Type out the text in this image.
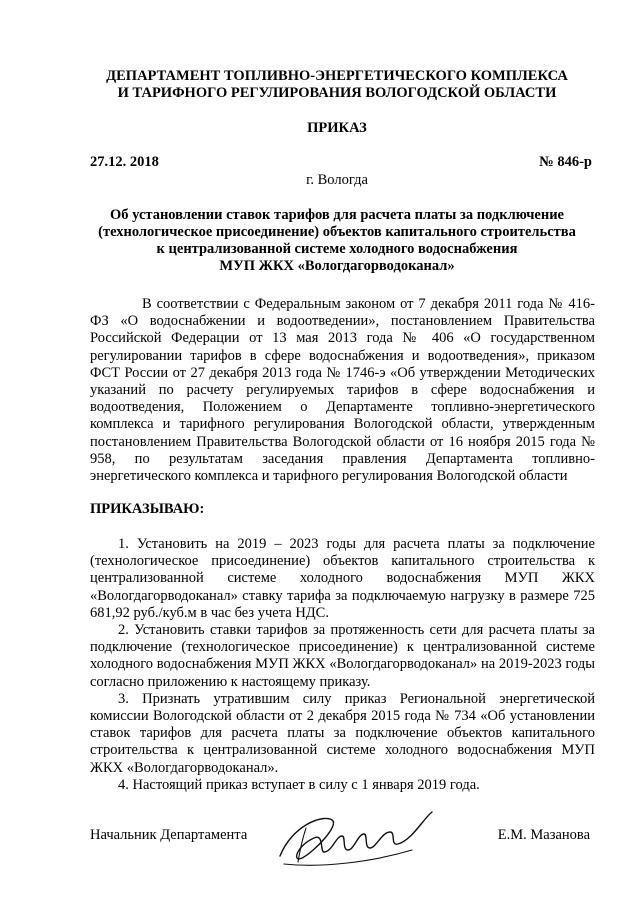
ДЕПАРТАМЕНТ ТОПЛИВНО-ЭНЕРГЕТИЧЕСКОГО КОМПЛЕКСА
И ТАРИФНОГО РЕГУЛИРОВАНИЯ ВОЛОГОДСКОЙ ОБЛАСТИ
ПРИКАЗ
27.12. 2018	№ 846-р
г. Вологда
Об установлении ставок тарифов для расчета платы за подключение
(технологическое присоединение) объектов капитального строительства
к централизованной системе холодного водоснабжения
МУП ЖКХ «Вологдагорводоканал»

В соответствии с Федеральным законом от 7 декабря 2011 года № 416-ФЗ «О водоснабжении и водоотведении», постановлением Правительства Российской Федерации от 13 мая 2013 года № 406 «О государственном регулировании тарифов в сфере водоснабжения и водоотведения», приказом ФСТ России от 27 декабря 2013 года № 1746-э «Об утверждении Методических указаний по расчету регулируемых тарифов в сфере водоснабжения и водоотведения, Положением о Департаменте топливно-энергетического комплекса и тарифного регулирования Вологодской области, утвержденным постановлением Правительства Вологодской области от 16 ноября 2015 года № 958, по результатам заседания правления Департамента топливно-энергетического комплекса и тарифного регулирования Вологодской области

ПРИКАЗЫВАЮ:

1. Установить на 2019 – 2023 годы для расчета платы за подключение (технологическое присоединение) объектов капитального строительства к централизованной системе холодного водоснабжения МУП ЖКХ «Вологдагорводоканал» ставку тарифа за подключаемую нагрузку в размере 725 681,92 руб./куб.м в час без учета НДС.

2. Установить ставки тарифов за протяженность сети для расчета платы за подключение (технологическое присоединение) к централизованной системе холодного водоснабжения МУП ЖКХ «Вологдагорводоканал» на 2019-2023 годы согласно приложению к настоящему приказу.

3. Признать утратившим силу приказ Региональной энергетической комиссии Вологодской области от 2 декабря 2015 года № 734 «Об установлении ставок тарифов для расчета платы за подключение объектов капитального строительства к централизованной системе холодного водоснабжения МУП ЖКХ «Вологдагорводоканал».

4. Настоящий приказ вступает в силу с 1 января 2019 года.

Начальник Департамента	Е.М. Мазанова
